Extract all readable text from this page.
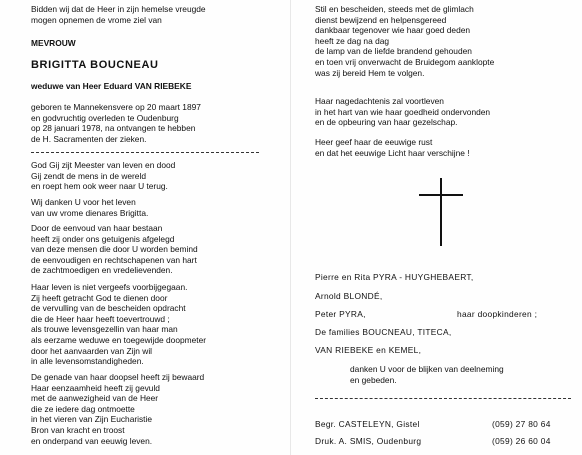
Bidden wij dat de Heer in zijn hemelse vreugde
mogen opnemen de vrome ziel van
MEVROUW
BRIGITTA BOUCNEAU
weduwe van Heer Eduard VAN RIEBEKE
geboren te Mannekensvere op 20 maart 1897
en godvruchtig overleden te Oudenburg
op 28 januari 1978, na ontvangen te hebben
de H. Sacramenten der zieken.
God Gij zijt Meester van leven en dood
Gij zendt de mens in de wereld
en roept hem ook weer naar U terug.
Wij danken U voor het leven
van uw vrome dienares Brigitta.
Door de eenvoud van haar bestaan
heeft zij onder ons getuigenis afgelegd
van deze mensen die door U worden bemind
de eenvoudigen en rechtschapenen van hart
de zachtmoedigen en vredelievenden.
Haar leven is niet vergeefs voorbijgegaan.
Zij heeft getracht God te dienen door
de vervulling van de bescheiden opdracht
die de Heer haar heeft toevertrouwd ;
als trouwe levensgezellin van haar man
als eerzame weduwe en toegewijde doopmeter
door het aanvaarden van Zijn wil
in alle levensomstandigheden.
De genade van haar doopsel heeft zij bewaard
Haar eenzaamheid heeft zij gevuld
met de aanwezigheid van de Heer
die ze iedere dag ontmoette
in het vieren van Zijn Eucharistie
Bron van kracht en troost
en onderpand van eeuwig leven.
Stil en bescheiden, steeds met de glimlach
dienst bewijzend en helpensgereed
dankbaar tegenover wie haar goed deden
heeft ze dag na dag
de lamp van de liefde brandend gehouden
en toen vrij onverwacht de Bruidegom aanklopte
was zij bereid Hem te volgen.
Haar nagedachtenis zal voortleven
in het hart van wie haar goedheid ondervonden
en de opbeuring van haar gezelschap.
Heer geef haar de eeuwige rust
en dat het eeuwige Licht haar verschijne !
Pierre en Rita PYRA - HUYGHEBAERT,
Arnold BLONDÉ,
Peter PYRA,	haar doopkinderen ;
De families BOUCNEAU, TITECA,
VAN RIEBEKE en KEMEL,
danken U voor de blijken van deelneming
en gebeden.
Begr. CASTELEYN, Gistel	(059) 27 80 64
Druk. A. SMIS, Oudenburg	(059) 26 60 04
